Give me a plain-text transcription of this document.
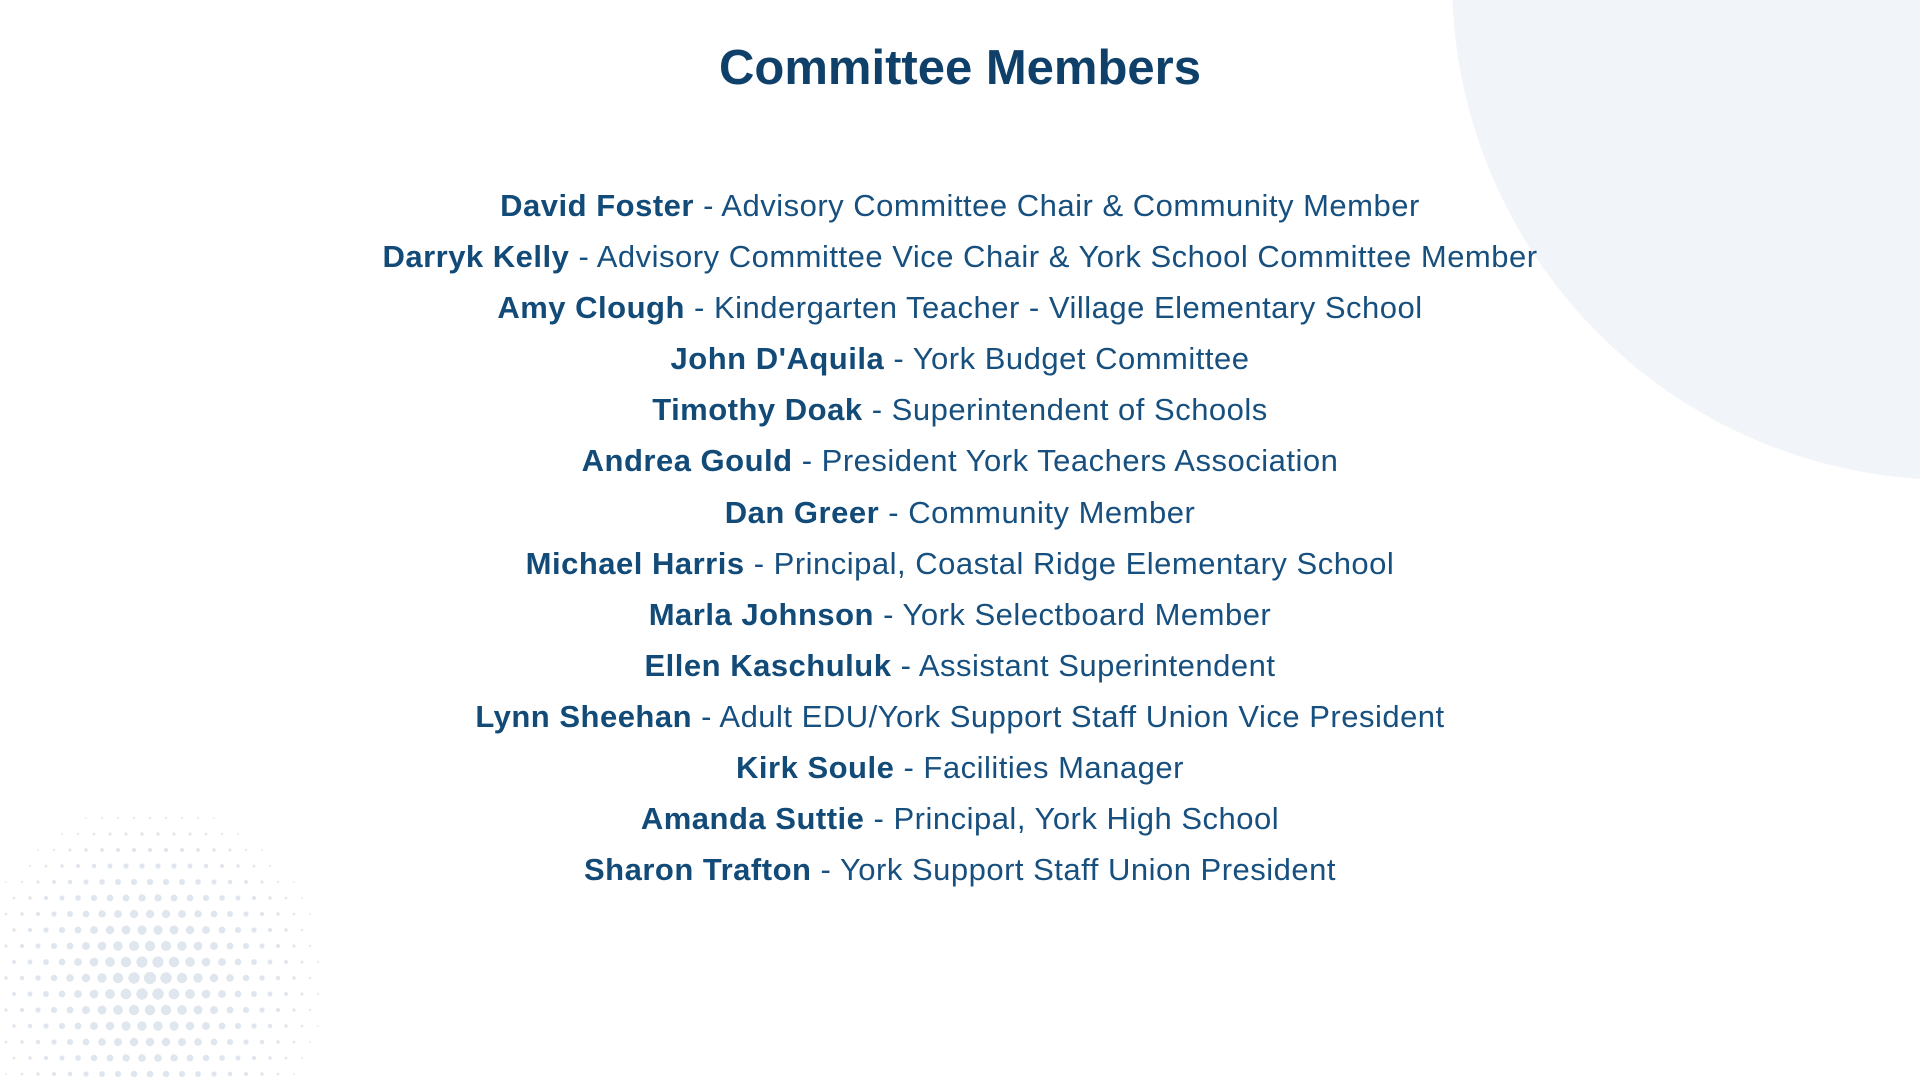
Committee Members
David Foster - Advisory Committee Chair & Community Member
Darryk Kelly - Advisory Committee Vice Chair & York School Committee Member
Amy Clough - Kindergarten Teacher - Village Elementary School
John D'Aquila - York Budget Committee
Timothy Doak - Superintendent of Schools
Andrea Gould - President York Teachers Association
Dan Greer - Community Member
Michael Harris - Principal, Coastal Ridge Elementary School
Marla Johnson - York Selectboard Member
Ellen Kaschuluk - Assistant Superintendent
Lynn Sheehan - Adult EDU/York Support Staff Union Vice President
Kirk Soule - Facilities Manager
Amanda Suttie - Principal, York High School
Sharon Trafton - York Support Staff Union President
